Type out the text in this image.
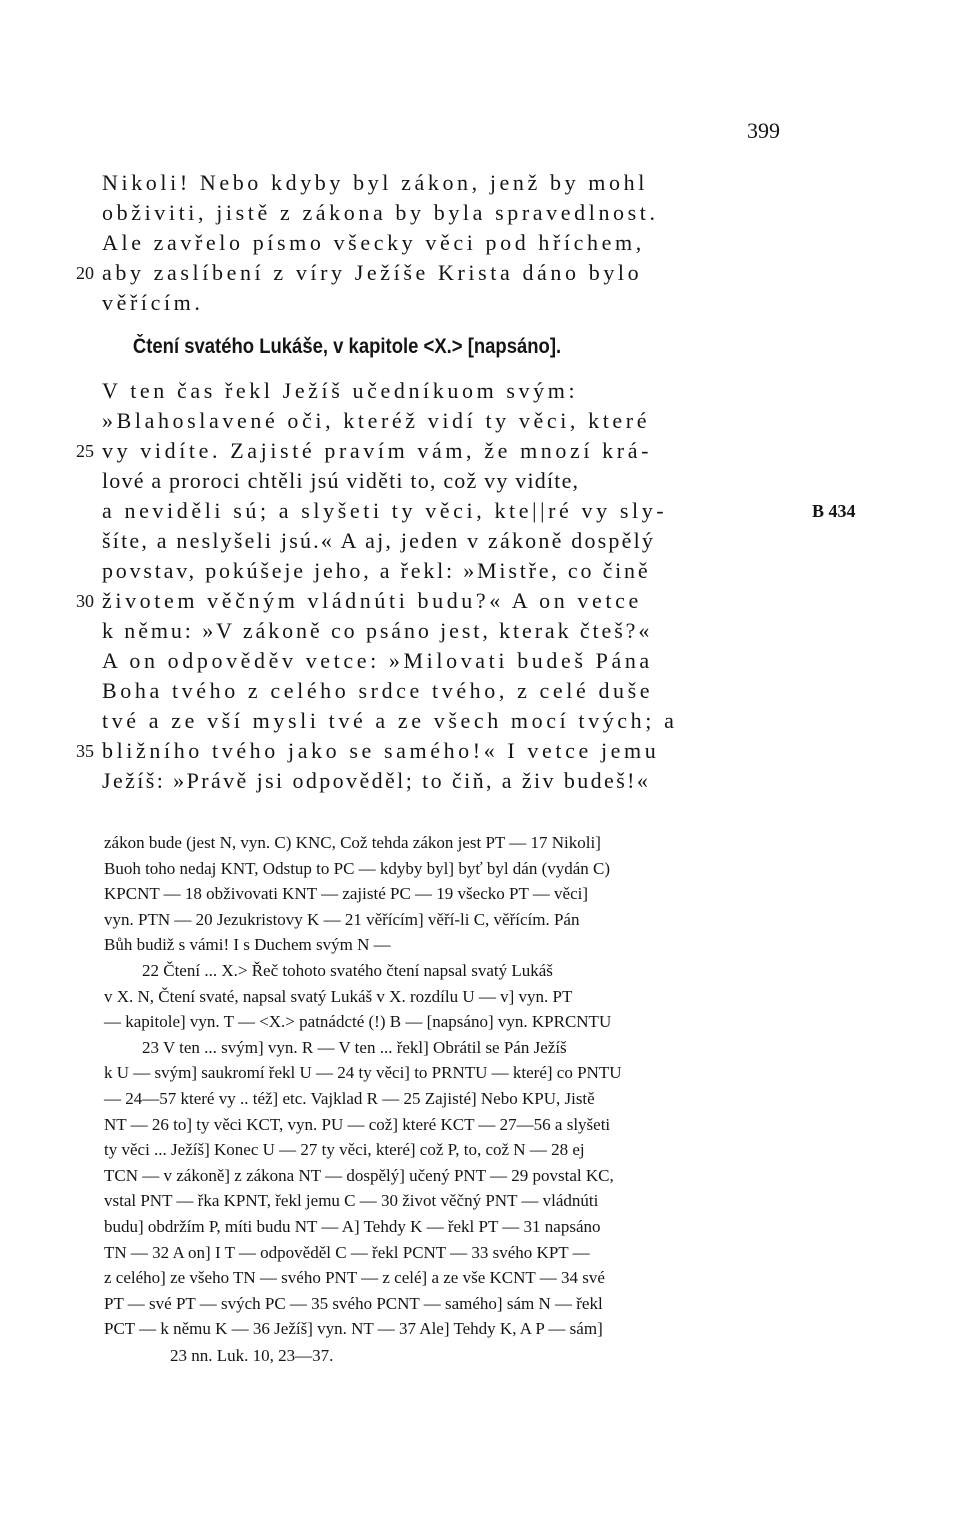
399
Nikoli! Nebo kdyby byl zákon, jenž by mohl
obživiti, jistě z zákona by byla spravedlnost.
Ale zavřelo písmo všecky věci pod hříchem,
20 aby zaslíbení z víry Ježíše Krista dáno bylo
věřícím.
Čtení svatého Lukáše, v kapitole <X.> [napsáno].
V ten čas řekl Ježíš učedníkuom svým:
»Blahoslavené oči, kteréž vidí ty věci, které
25 vy vidíte. Zajisté pravím vám, že mnozí krá-
lové a proroci chtěli jsú viděti to, což vy vidíte,
a neviděli sú; a slyšeti ty věci, kte||ré vy sly-	B 434
šíte, a neslyšeli jsú.« A aj, jeden v zákoně dospělý
povstav, pokúšeje jeho, a řekl: »Mistře, co čině
30 životem věčným vládnúti budu?« A on vetce
k němu: »V zákoně co psáno jest, kterak čteš?«
A on odpověděv vetce: »Milovati budeš Pána
Boha tvého z celého srdce tvého, z celé duše
tvé a ze vší mysli tvé a ze všech mocí tvých; a
35 bližního tvého jako se samého!« I vetce jemu
Ježíš: »Právě jsi odpověděl; to čiň, a živ budeš!«
zákon bude (jest N, vyn. C) KNC, Což tehda zákon jest PT — 17 Nikoli]
Buoh toho nedaj KNT, Odstup to PC — kdyby byl] byť byl dán (vydán C)
KPCNT — 18 obživovati KNT — zajisté PC — 19 všecko PT — věci]
vyn. PTN — 20 Jezukristovy K — 21 věřícím] věří-li C, věřícím. Pán
Bůh budiž s vámi! I s Duchem svým N —
22 Čtení ... X.> Řeč tohoto svatého čtení napsal svatý Lukáš
v X. N, Čtení svaté, napsal svatý Lukáš v X. rozdílu U — v] vyn. PT
— kapitole] vyn. T — <X.> patnádcté (!) B — [napsáno] vyn. KPRCNTU
23 V ten ... svým] vyn. R — V ten ... řekl] Obrátil se Pán Ježíš
k U — svým] saukromí řekl U — 24 ty věci] to PRNTU — které] co PNTU
— 24—57 které vy .. též] etc. Vajklad R — 25 Zajisté] Nebo KPU, Jistě
NT — 26 to] ty věci KCT, vyn. PU — což] které KCT — 27—56 a slyšeti
ty věci ... Ježíš] Konec U — 27 ty věci, které] což P, to, což N — 28 ej
TCN — v zákoně] z zákona NT — dospělý] učený PNT — 29 povstal KC,
vstal PNT — řka KPNT, řekl jemu C — 30 život věčný PNT — vládnúti
budu] obdržím P, míti budu NT — A] Tehdy K — řekl PT — 31 napsáno
TN — 32 A on] I T — odpověděl C — řekl PCNT — 33 svého KPT —
z celého] ze všeho TN — svého PNT — z celé] a ze vše KCNT — 34 své
PT — své PT — svých PC — 35 svého PCNT — samého] sám N — řekl
PCT — k němu K — 36 Ježíš] vyn. NT — 37 Ale] Tehdy K, A P — sám]
23 nn. Luk. 10, 23—37.
